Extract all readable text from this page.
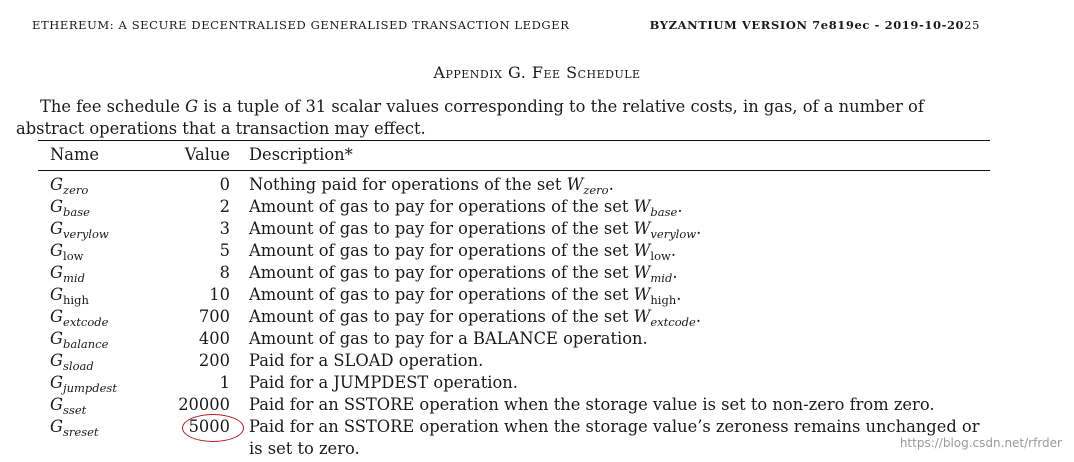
ETHEREUM: A SECURE DECENTRALISED GENERALISED TRANSACTION LEDGER	BYZANTIUM VERSION 7e819ec - 2019-10-2025
Appendix G. Fee Schedule
The fee schedule G is a tuple of 31 scalar values corresponding to the relative costs, in gas, of a number of abstract operations that a transaction may effect.
Name	Value Description*
$G_{zero}$	0 Nothing paid for operations of the set $W_{zero}$.
$G_{base}$	2 Amount of gas to pay for operations of the set $W_{base}$.
$G_{verylow}$	3 Amount of gas to pay for operations of the set $W_{verylow}$.
$G_{low}$	5 Amount of gas to pay for operations of the set $W_{low}$.
$G_{mid}$	8 Amount of gas to pay for operations of the set $W_{mid}$.
$G_{high}$	10 Amount of gas to pay for operations of the set $W_{high}$.
$G_{extcode}$	700 Amount of gas to pay for operations of the set $W_{extcode}$.
$G_{balance}$	400 Amount of gas to pay for a BALANCE operation.
$G_{sload}$	200 Paid for a SLOAD operation.
$G_{jumpdest}$	1 Paid for a JUMPDEST operation.
$G_{sset}$	20000 Paid for an SSTORE operation when the storage value is set to non-zero from zero.
$G_{sreset}$	5000 Paid for an SSTORE operation when the storage value’s zeroness remains unchanged or is set to zero.	https://blog.csdn.net/rfrder
